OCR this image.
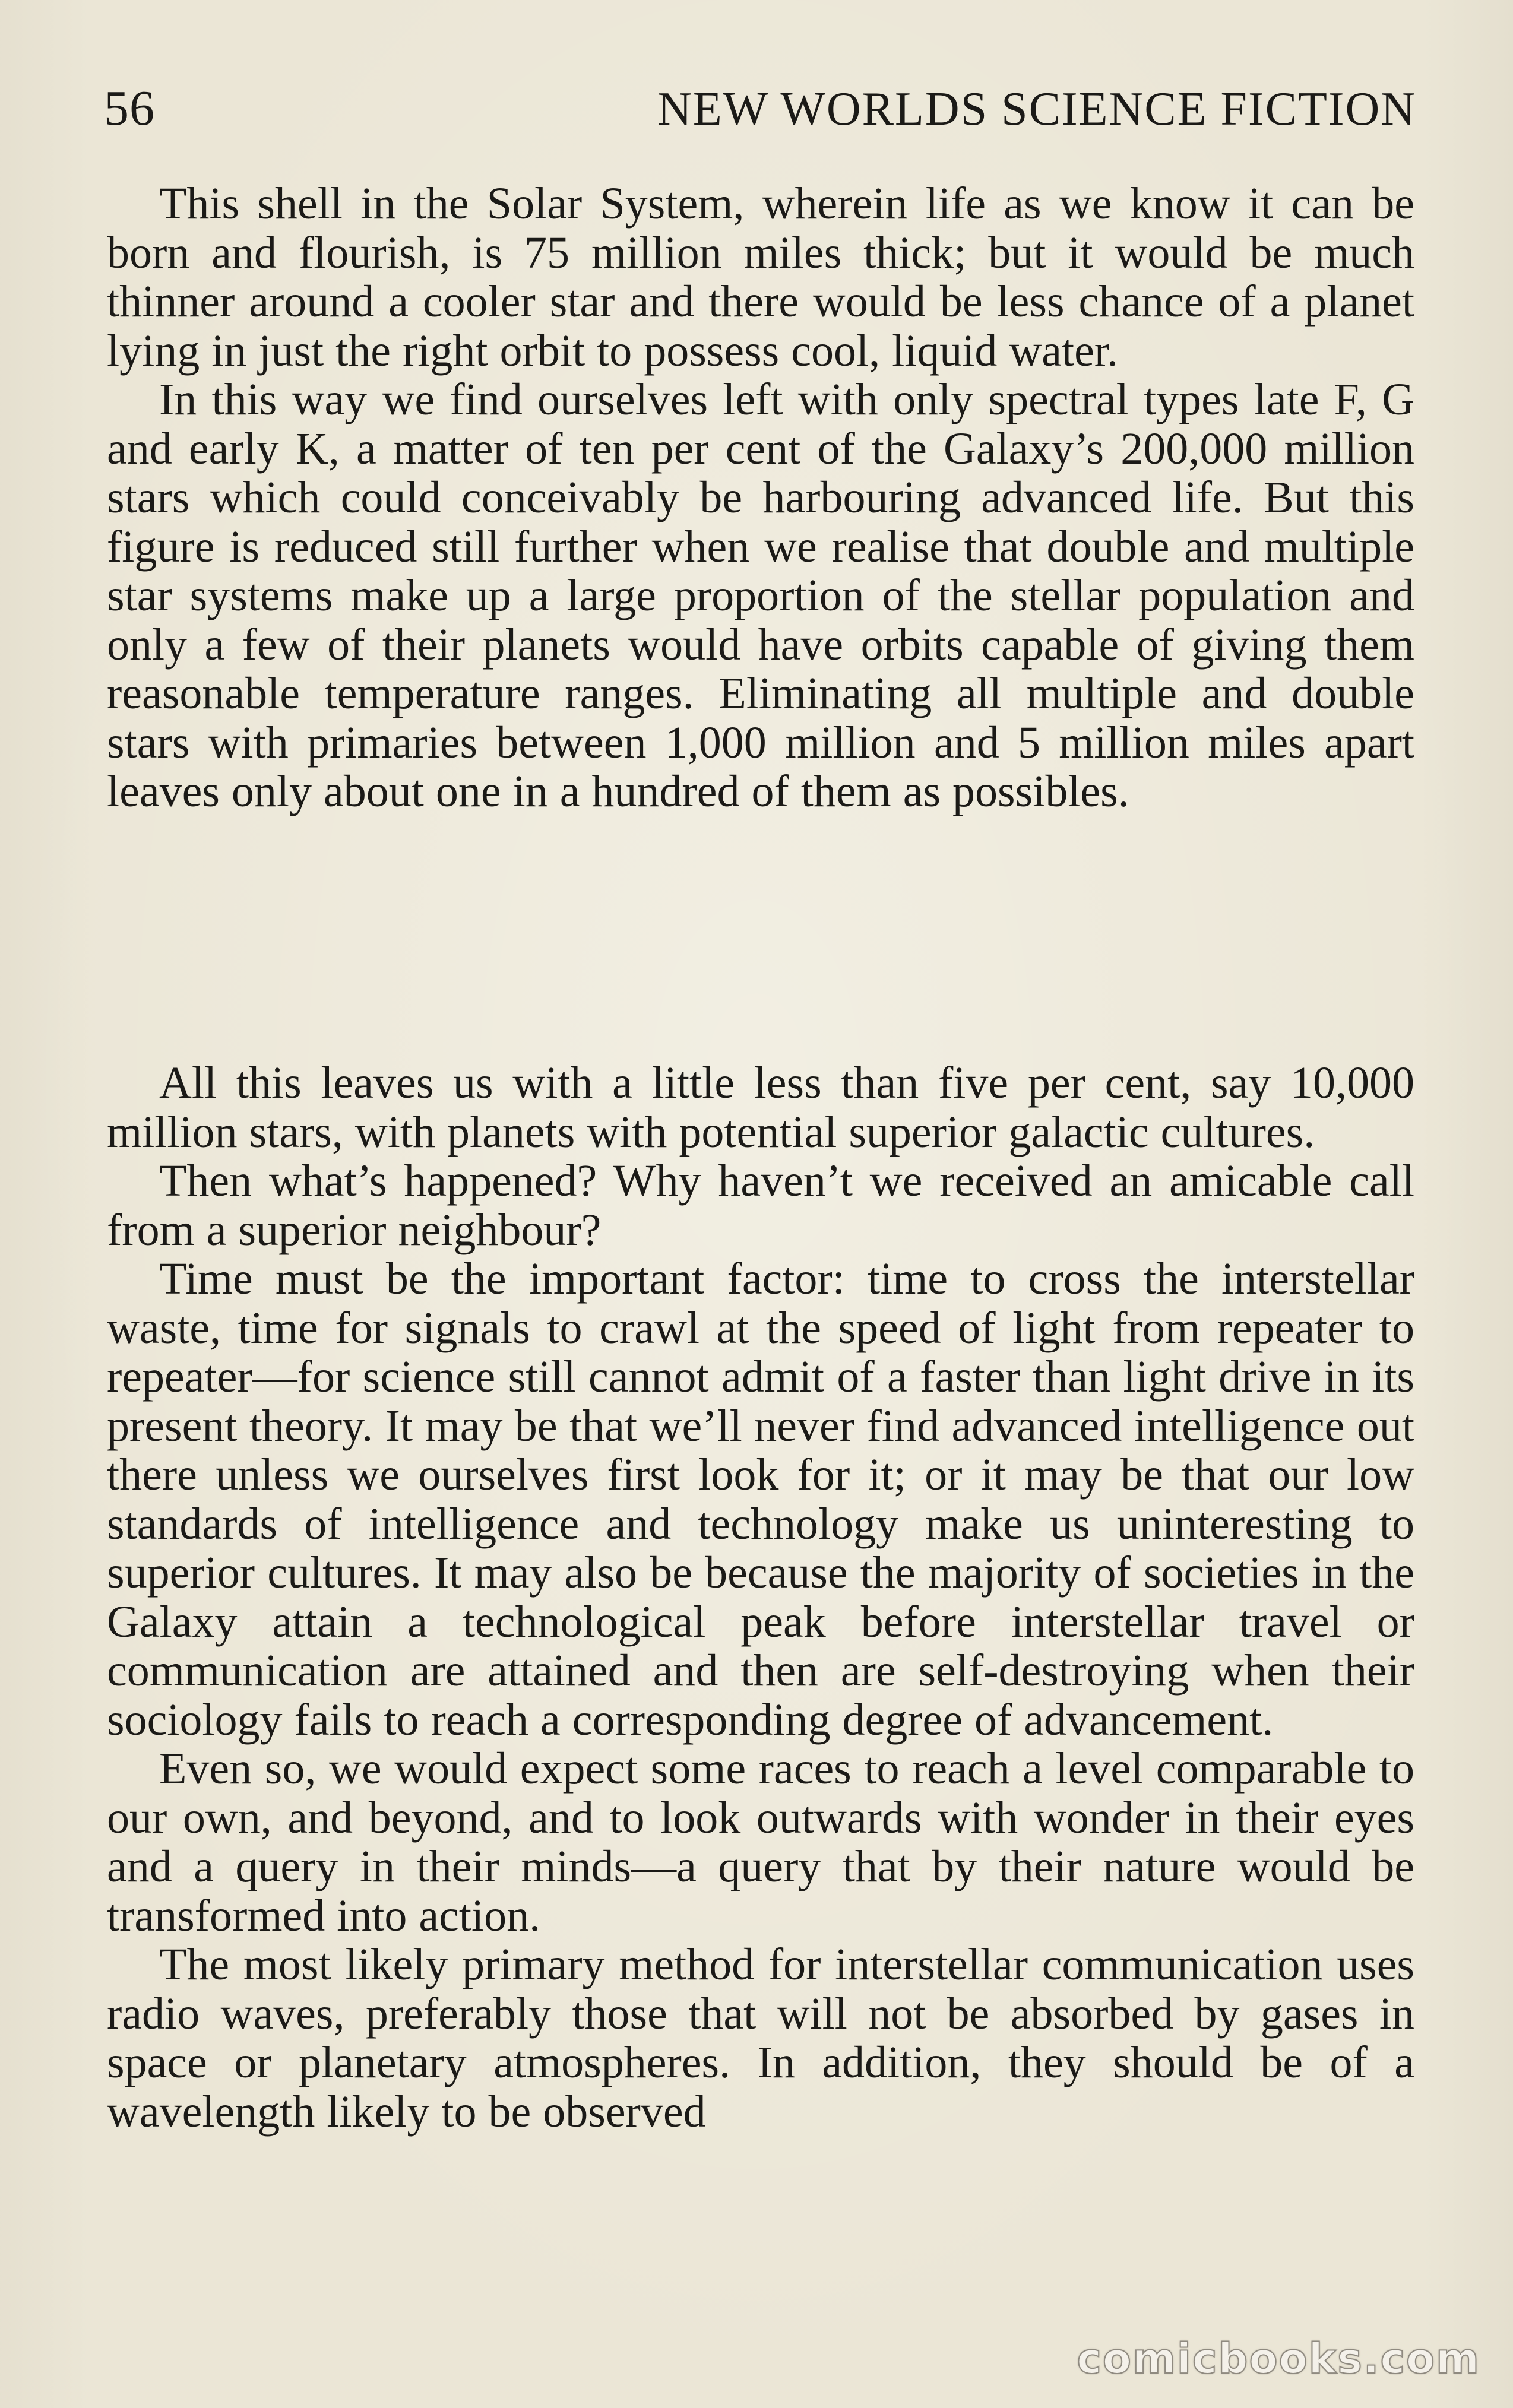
56	NEW WORLDS SCIENCE FICTION

This shell in the Solar System, wherein life as we know it can be born and flourish, is 75 million miles thick; but it would be much thinner around a cooler star and there would be less chance of a planet lying in just the right orbit to possess cool, liquid water.

In this way we find ourselves left with only spectral types late F, G and early K, a matter of ten per cent of the Galaxy’s 200,000 million stars which could conceivably be harbouring advanced life. But this figure is reduced still further when we realise that double and multiple star systems make up a large proportion of the stellar population and only a few of their planets would have orbits capable of giving them reasonable temperature ranges. Eliminating all multiple and double stars with primaries between 1,000 million and 5 million miles apart leaves only about one in a hundred of them as possibles.

All this leaves us with a little less than five per cent, say 10,000 million stars, with planets with potential superior galactic cultures.

Then what’s happened? Why haven’t we received an amicable call from a superior neighbour?

Time must be the important factor: time to cross the interstellar waste, time for signals to crawl at the speed of light from repeater to repeater—for science still cannot admit of a faster than light drive in its present theory. It may be that we’ll never find advanced intelligence out there unless we ourselves first look for it; or it may be that our low standards of intelligence and technology make us uninteresting to superior cultures. It may also be because the majority of societies in the Galaxy attain a technological peak before interstellar travel or communication are attained and then are self-destroying when their sociology fails to reach a corresponding degree of advancement.

Even so, we would expect some races to reach a level comparable to our own, and beyond, and to look outwards with wonder in their eyes and a query in their minds—a query that by their nature would be transformed into action.

The most likely primary method for interstellar communication uses radio waves, preferably those that will not be absorbed by gases in space or planetary atmospheres. In addition, they should be of a wavelength likely to be observed

comicbooks.com
